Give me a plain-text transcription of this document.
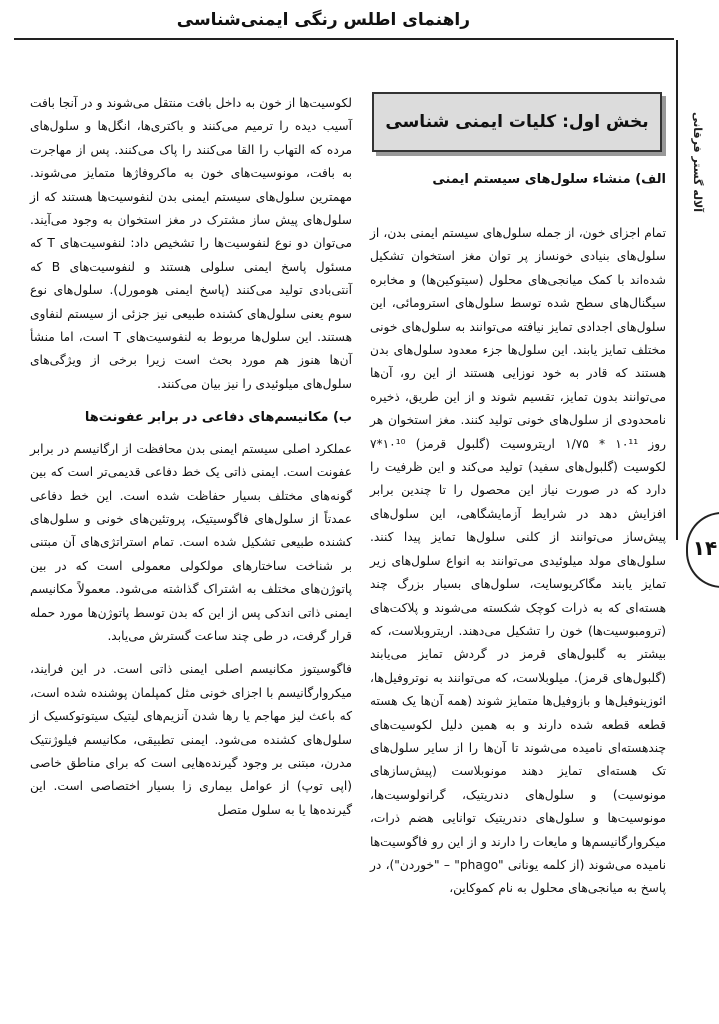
راهنمای اطلس رنگی ایمنی‌شناسی
آلاله گستر فرقانی
۱۴
بخش اول: کلیات ایمنی شناسی
الف) منشاء سلول‌های سیستم ایمنی

تمام اجزای خون، از جمله سلول‌های سیستم ایمنی بدن، از سلول‌های بنیادی خونساز پر توان مغز استخوان تشکیل شده‌اند با کمک میانجی‌های محلول (سیتوکین‌ها) و مخابره سیگنال‌های سطح شده توسط سلول‌های استرومائی، این سلول‌های اجدادی تمایز نیافته می‌توانند به سلول‌های خونی مختلف تمایز یابند. این سلول‌ها جزء معدود سلول‌های بدن هستند که قادر به خود نوزایی هستند از این رو، آن‌ها می‌توانند بدون تمایز، تقسیم شوند و از این طریق، ذخیره نامحدودی از سلول‌های خونی تولید کنند. مغز استخوان هر روز ۱۰¹¹ * ۱/۷۵ اریتروسیت (گلبول قرمز) ۱۰¹⁰*۷ لکوسیت (گلبول‌های سفید) تولید می‌کند و این ظرفیت را دارد که در صورت نیاز این محصول را تا چندین برابر افزایش دهد در شرایط آزمایشگاهی، این سلول‌های پیش‌ساز می‌توانند از کلنی سلول‌ها تمایز پیدا کنند. سلول‌های مولد میلوئیدی می‌توانند به انواع سلول‌های زیر تمایز یابند مگاکریوسایت، سلول‌های بسیار بزرگ چند هسته‌ای که به ذرات کوچک شکسته می‌شوند و پلاکت‌های (ترومبوسیت‌ها) خون را تشکیل می‌دهند. اریتروبلاست، که بیشتر به گلبول‌های قرمز در گردش تمایز می‌یابند (گلبول‌های قرمز). میلوبلاست، که می‌توانند به نوتروفیل‌ها، ائوزینوفیل‌ها و بازوفیل‌ها متمایز شوند (همه آن‌ها یک هسته قطعه قطعه شده دارند و به همین دلیل لکوسیت‌های چندهسته‌ای نامیده می‌شوند تا آن‌ها را از سایر سلول‌های تک هسته‌ای تمایز دهند مونوبلاست (پیش‌سازهای مونوسیت) و سلول‌های دندریتیک، گرانولوسیت‌ها، مونوسیت‌ها و سلول‌های دندریتیک توانایی هضم ذرات، میکروارگانیسم‌ها و مایعات را دارند و از این رو فاگوسیت‌ها نامیده می‌شوند (از کلمه یونانی "phago" – "خوردن")، در پاسخ به میانجی‌های محلول به نام کموکاین،

لکوسیت‌ها از خون به داخل بافت منتقل می‌شوند و در آنجا بافت آسیب دیده را ترمیم می‌کنند و باکتری‌ها، انگل‌ها و سلول‌های مرده که التهاب را القا می‌کنند را پاک می‌کنند. پس از مهاجرت به بافت، مونوسیت‌های خون به ماکروفاژها متمایز می‌شوند. مهمترین سلول‌های سیستم ایمنی بدن لنفوسیت‌ها هستند که از سلول‌های پیش ساز مشترک در مغز استخوان به وجود می‌آیند. می‌توان دو نوع لنفوسیت‌ها را تشخیص داد: لنفوسیت‌های T که مسئول پاسخ ایمنی سلولی هستند و لنفوسیت‌های B که آنتی‌بادی تولید می‌کنند (پاسخ ایمنی هومورل). سلول‌های نوع سوم یعنی سلول‌های کشنده طبیعی نیز جزئی از سیستم لنفاوی هستند. این سلول‌ها مربوط به لنفوسیت‌های T است، اما منشأ آن‌ها هنوز هم مورد بحث است زیرا برخی از ویژگی‌های سلول‌های میلوئیدی را نیز بیان می‌کنند.

ب) مکانیسم‌های دفاعی در برابر عفونت‌ها

عملکرد اصلی سیستم ایمنی بدن محافظت از ارگانیسم در برابر عفونت است. ایمنی ذاتی یک خط دفاعی قدیمی‌تر است که بین گونه‌های مختلف بسیار حفاظت شده است. این خط دفاعی عمدتاً از سلول‌های فاگوسیتیک، پروتئین‌های خونی و سلول‌های کشنده طبیعی تشکیل شده است. تمام استراتژی‌های آن مبتنی بر شناخت ساختارهای مولکولی معمولی است که در بین پاتوژن‌های مختلف به اشتراک گذاشته می‌شود. معمولاً مکانیسم ایمنی ذاتی اندکی پس از این که بدن توسط پاتوژن‌ها مورد حمله قرار گرفت، در طی چند ساعت گسترش می‌یابد.

فاگوسیتوز مکانیسم اصلی ایمنی ذاتی است. در این فرایند، میکروارگانیسم با اجزای خونی مثل کمپلمان پوشنده شده است، که باعث لیز مهاجم یا رها شدن آنزیم‌های لیتیک سیتوتوکسیک از سلول‌های کشنده می‌شود. ایمنی تطبیقی، مکانیسم فیلوژنتیک مدرن، مبتنی بر وجود گیرنده‌هایی است که برای مناطق خاصی (اپی توپ) از عوامل بیماری زا بسیار اختصاصی است. این گیرنده‌ها یا به سلول متصل
